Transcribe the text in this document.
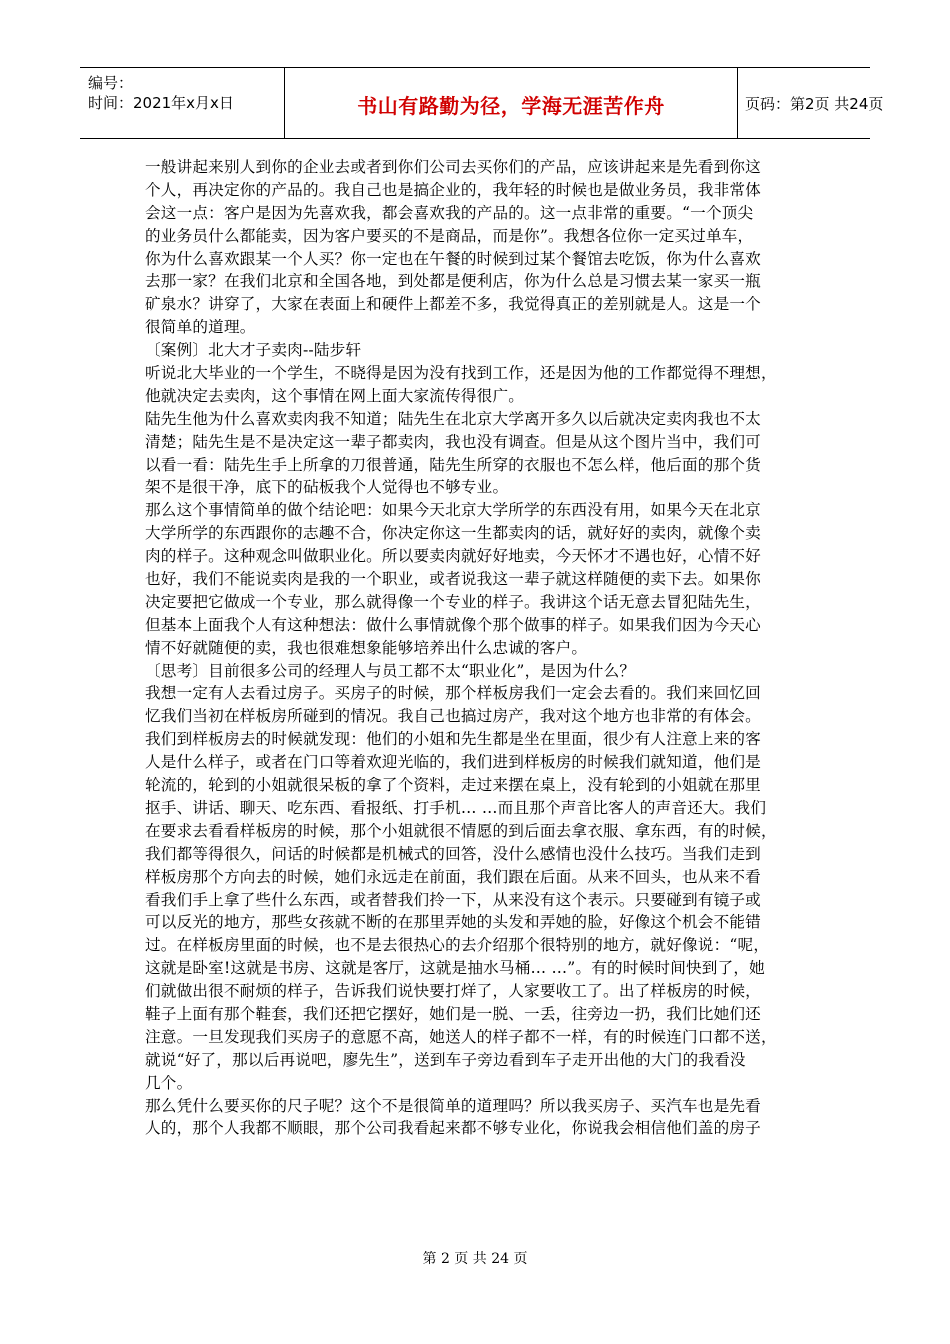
编号：
时间：2021年x月x日	书山有路勤为径，学海无涯苦作舟	页码：第2页 共24页
一般讲起来别人到你的企业去或者到你们公司去买你们的产品，应该讲起来是先看到你这
个人，再决定你的产品的。我自己也是搞企业的，我年轻的时候也是做业务员，我非常体
会这一点：客户是因为先喜欢我，都会喜欢我的产品的。这一点非常的重要。“一个顶尖
的业务员什么都能卖，因为客户要买的不是商品，而是你”。我想各位你一定买过单车，
你为什么喜欢跟某一个人买？你一定也在午餐的时候到过某个餐馆去吃饭，你为什么喜欢
去那一家？在我们北京和全国各地，到处都是便利店，你为什么总是习惯去某一家买一瓶
矿泉水？讲穿了，大家在表面上和硬件上都差不多，我觉得真正的差别就是人。这是一个
很简单的道理。
〔案例〕北大才子卖肉--陆步轩
听说北大毕业的一个学生，不晓得是因为没有找到工作，还是因为他的工作都觉得不理想，
他就决定去卖肉，这个事情在网上面大家流传得很广。
陆先生他为什么喜欢卖肉我不知道；陆先生在北京大学离开多久以后就决定卖肉我也不太
清楚；陆先生是不是决定这一辈子都卖肉，我也没有调查。但是从这个图片当中，我们可
以看一看：陆先生手上所拿的刀很普通，陆先生所穿的衣服也不怎么样，他后面的那个货
架不是很干净，底下的砧板我个人觉得也不够专业。
那么这个事情简单的做个结论吧：如果今天北京大学所学的东西没有用，如果今天在北京
大学所学的东西跟你的志趣不合，你决定你这一生都卖肉的话，就好好的卖肉，就像个卖
肉的样子。这种观念叫做职业化。所以要卖肉就好好地卖，今天怀才不遇也好，心情不好
也好，我们不能说卖肉是我的一个职业，或者说我这一辈子就这样随便的卖下去。如果你
决定要把它做成一个专业，那么就得像一个专业的样子。我讲这个话无意去冒犯陆先生，
但基本上面我个人有这种想法：做什么事情就像个那个做事的样子。如果我们因为今天心
情不好就随便的卖，我也很难想象能够培养出什么忠诚的客户。
〔思考〕目前很多公司的经理人与员工都不太“职业化”，是因为什么？
我想一定有人去看过房子。买房子的时候，那个样板房我们一定会去看的。我们来回忆回
忆我们当初在样板房所碰到的情况。我自己也搞过房产，我对这个地方也非常的有体会。
我们到样板房去的时候就发现：他们的小姐和先生都是坐在里面，很少有人注意上来的客
人是什么样子，或者在门口等着欢迎光临的，我们进到样板房的时候我们就知道，他们是
轮流的，轮到的小姐就很呆板的拿了个资料，走过来摆在桌上，没有轮到的小姐就在那里
抠手、讲话、聊天、吃东西、看报纸、打手机… …而且那个声音比客人的声音还大。我们
在要求去看看样板房的时候，那个小姐就很不情愿的到后面去拿衣服、拿东西，有的时候，
我们都等得很久，问话的时候都是机械式的回答，没什么感情也没什么技巧。当我们走到
样板房那个方向去的时候，她们永远走在前面，我们跟在后面。从来不回头，也从来不看
看我们手上拿了些什么东西，或者替我们拎一下，从来没有这个表示。只要碰到有镜子或
可以反光的地方，那些女孩就不断的在那里弄她的头发和弄她的脸，好像这个机会不能错
过。在样板房里面的时候，也不是去很热心的去介绍那个很特别的地方，就好像说：“呢，
这就是卧室!这就是书房、这就是客厅，这就是抽水马桶… …”。有的时候时间快到了，她
们就做出很不耐烦的样子，告诉我们说快要打烊了，人家要收工了。出了样板房的时候，
鞋子上面有那个鞋套，我们还把它摆好，她们是一脱、一丢，往旁边一扔，我们比她们还
注意。一旦发现我们买房子的意愿不高，她送人的样子都不一样，有的时候连门口都不送，
就说“好了，那以后再说吧，廖先生”，送到车子旁边看到车子走开出他的大门的我看没
几个。
那么凭什么要买你的尺子呢？这个不是很简单的道理吗？所以我买房子、买汽车也是先看
人的，那个人我都不顺眼，那个公司我看起来都不够专业化，你说我会相信他们盖的房子
第 2 页 共 24 页
